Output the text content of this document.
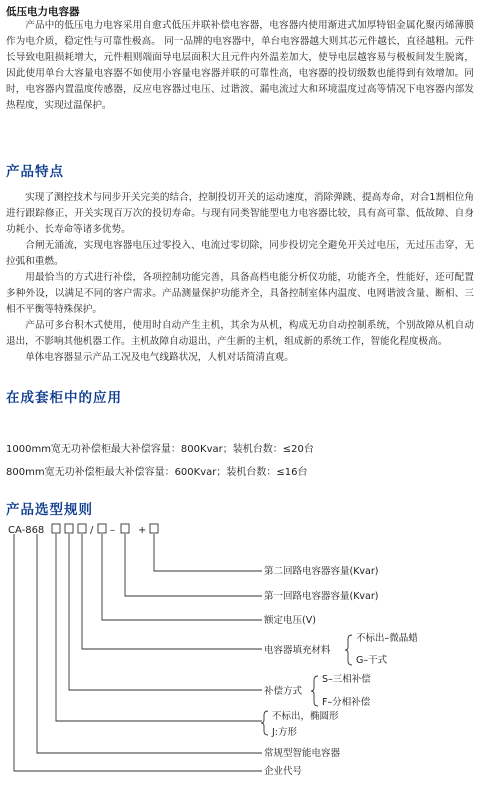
低压电力电容器

产品中的低压电力电容采用自愈式低压并联补偿电容器，电容器内使用渐进式加厚特铝金属化聚丙烯薄膜作为电介质，稳定性与可靠性极高。 同一品牌的电容器中，单台电容器越大则其芯元件越长，直径越粗。元件长导致电阻损耗增大，元件粗则端面导电层面积大且元件内外温差加大，使导电层越容易与极板间发生脱离，因此使用单台大容量电容器不如使用小容量电容器并联的可靠性高，电容器的投切级数也能得到有效增加。同时，电容器内置温度传感器，反应电容器过电压、过谐波、漏电流过大和环境温度过高等情况下电容器内部发热程度，实现过温保护。

产品特点

实现了测控技术与同步开关完美的结合，控制投切开关的运动速度，消除弹跳、提高寿命，对合1割相位角进行跟踪修正，开关实现百万次的投切寿命。与现有同类智能型电力电容器比较，具有高可靠、低故障、自身功耗小、长寿命等诸多优势。

合闸无涌流，实现电容器电压过零投入、电流过零切除，同步投切完全避免开关过电压，无过压击穿，无拉弧和重燃。

用最恰当的方式进行补偿，各项控制功能完善，具备高档电能分析仪功能，功能齐全，性能好，还可配置多种外设，以满足不同的客户需求。产品测量保护功能齐全，具备控制室体内温度、电网谐波含量、断相、三相不平衡等特殊保护。

产品可多台积木式使用，使用时自动产生主机，其余为从机，构成无功自动控制系统，个别故障从机自动退出，不影响其他机器工作。主机故障自动退出，产生新的主机，组成新的系统工作，智能化程度极高。

单体电容器显示产品工况及电气线路状况，人机对话简清直观。

在成套柜中的应用

1000mm宽无功补偿柜最大补偿容量：800Kvar；装机台数：≤20台

800mm宽无功补偿柜最大补偿容量：600Kvar；装机台数：≤16台

产品选型规则

CA-868	/ – +
第二回路电容器容量(Kvar)
第一回路电容器容量(Kvar)
额定电压(V)
电容器填充材料
不标出–微晶蜡
G–干式
补偿方式
S–三相补偿
F–分相补偿
不标出，椭圆形
J:方形
常规型智能电容器
企业代号
